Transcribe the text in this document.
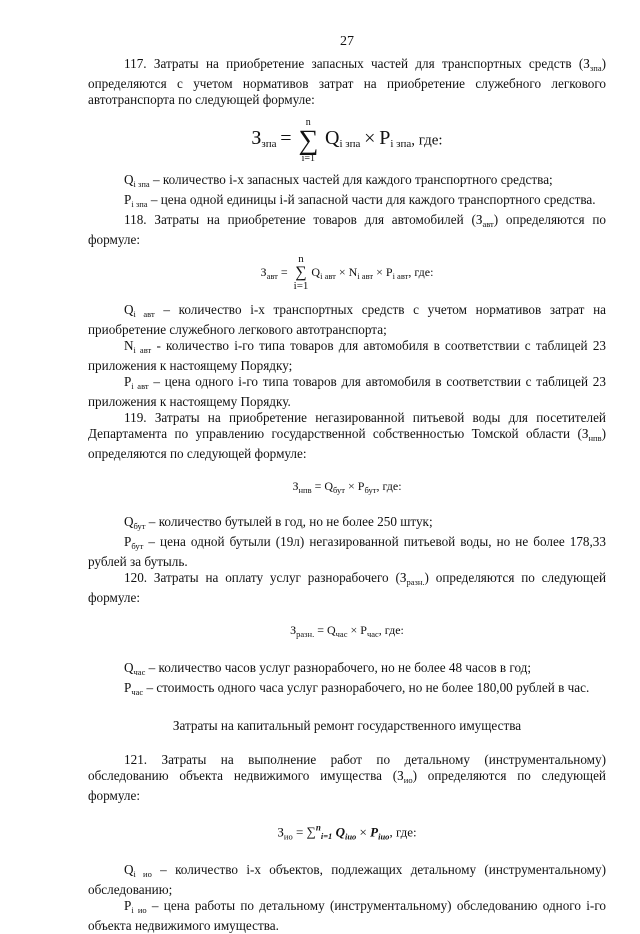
27

117. Затраты на приобретение запасных частей для транспортных средств $(З_{зпа})$ определяются с учетом нормативов затрат на приобретение служебного легкового автотранспорта по следующей формуле:

$З_{зпа}$ =
n
∑
i=1
$Q_{i зпа} \times P_{i зпа}$, где:

$Q_{i зпа}$ – количество i-х запасных частей для каждого транспортного средства;

$P_{i зпа}$ – цена одной единицы i-й запасной части для каждого транспортного средства.

118. Затраты на приобретение товаров для автомобилей $(З_{авт})$ определяются по формуле:

$З_{авт}$ =
n
∑
i=1
$Q_{i авт} \times N_{i авт} \times P_{i авт}$, где:

$Q_{i авт}$ – количество i-х транспортных средств с учетом нормативов затрат на приобретение служебного легкового автотранспорта;

$N_{i авт}$ - количество i-го типа товаров для автомобиля в соответствии с таблицей 23 приложения к настоящему Порядку;

$P_{i авт}$ – цена одного i-го типа товаров для автомобиля в соответствии с таблицей 23 приложения к настоящему Порядку.

119. Затраты на приобретение негазированной питьевой воды для посетителей Департамента по управлению государственной собственностью Томской области $(З_{нпв})$ определяются по следующей формуле:

$З_{нпв} = Q_{бут} \times P_{бут}$, где:

$Q_{бут}$ – количество бутылей в год, но не более 250 штук;

$P_{бут}$ – цена одной бутыли (19л) негазированной питьевой воды, но не более 178,33 рублей за бутыль.

120. Затраты на оплату услуг разнорабочего $(З_{разн.})$ определяются по следующей формуле:

$З_{разн.} = Q_{час} \times P_{час}$, где:

$Q_{час}$ – количество часов услуг разнорабочего, но не более 48 часов в год;

$P_{час}$ – стоимость одного часа услуг разнорабочего, но не более 180,00 рублей в час.

Затраты на капитальный ремонт государственного имущества

121. Затраты на выполнение работ по детальному (инструментальному) обследованию объекта недвижимого имущества $(З_{ио})$ определяются по следующей формуле:

$З_{ио} = \sum^n_{i=1}$ $Q_{iио} \times P_{iио}$, где:

$Q_{i ио}$ – количество i-х объектов, подлежащих детальному (инструментальному) обследованию;

$P_{i ио}$ – цена работы по детальному (инструментальному) обследованию одного i-го объекта недвижимого имущества.
